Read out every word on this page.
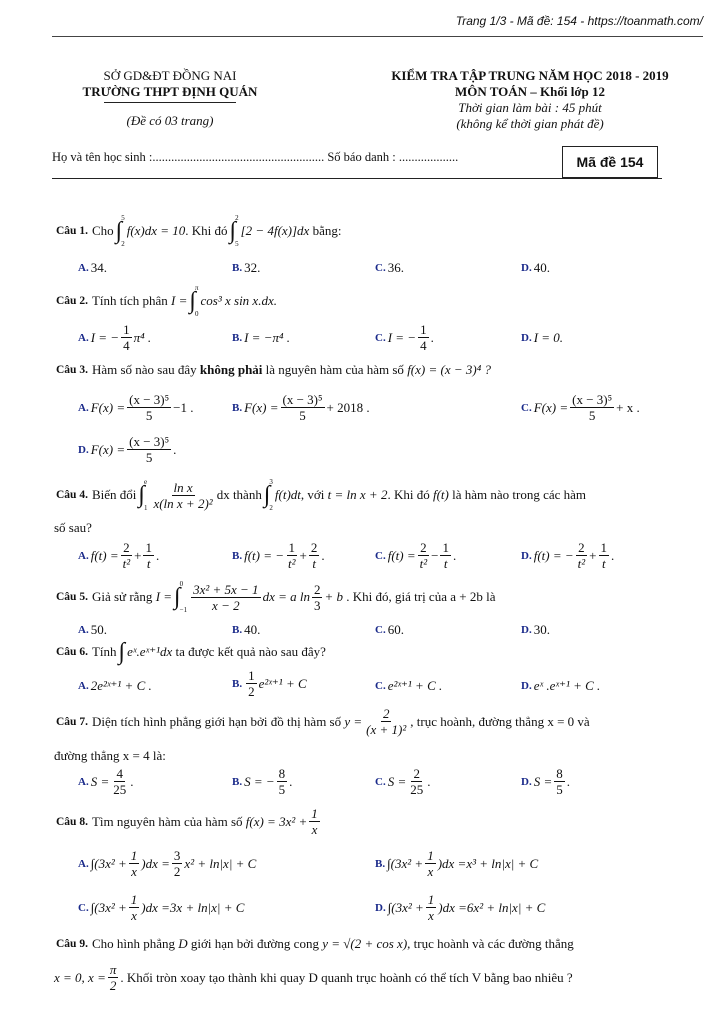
Trang 1/3 - Mã đề: 154 - https://toanmath.com/
SỞ GD&ĐT ĐỒNG NAI
TRƯỜNG THPT ĐỊNH QUÁN
(Đề có 03 trang)
KIỂM TRA TẬP TRUNG NĂM HỌC 2018 - 2019
MÔN TOÁN – Khối lớp 12
Thời gian làm bài : 45 phút
(không kể thời gian phát đề)
Họ và tên học sinh :....................................................... Số báo danh : ...................	Mã đề 154
Câu 1. Cho ∫ 5
2
f(x)dx = 10 . Khi đó ∫ 2
5
[2 − 4f(x)]dx
bằng:
A. 34.	B. 32.	C. 36.	D. 40.
Câu 2. Tính tích phân
I = ∫ π
0
cos³ x sin x.dx.
A. I = − $\frac{1}{4} \pi^4$ .	B. I = −π⁴ .	C. I = − $\frac{1}{4}$ .	D. I = 0.
Câu 3. Hàm số nào sau đây
không phải
là nguyên hàm của hàm số
f(x) = (x − 3)⁴ ?
A. $F(x) = \frac{\text{(x − 3)⁵}}{5} -1$ .	B. $F(x) = \frac{\text{(x − 3)⁵}}{5} + 2018$ .	C. $F(x) = \frac{\text{(x − 3)⁵}}{5} + x$ .
D. $F(x) = \frac{\text{(x − 3)⁵}}{5}$ .
Câu 4. Biến đổi ∫ e
$1 \frac{\text{ln x}}{\text{x(ln x + 2)²}}$ dx
thành ∫ 3
2
f(t)dt , với
t = ln x + 2 . Khi đó
f(t)
là hàm nào trong các hàm
số sau?
A. $f(t) = \frac{2}{\text{t²}} + \frac{1}{t}$ .	B. f(t) = − $\frac{1}{\text{t²}} + \frac{2}{t}$ .	C. $f(t) = \frac{2}{\text{t²}} - \frac{1}{t}$ .	D. f(t) = − $\frac{2}{\text{t²}} + \frac{1}{t}$ .
Câu 5. Giả sử rằng
I = ∫ 0
$-1 \frac{\text{3x² + 5x − 1}}{x - 2}$ dx = a $\ln \frac{2}{3} + b$
. Khi đó, giá trị của a + 2b là
A. 50.	B. 40.	C. 60.	D. 30.
Câu 6. Tính ∫ eˣ.eˣ⁺¹dx
ta được kết quả nào sau đây?
A. 2e²ˣ⁺¹ + C .	B. $\frac{1}{2}$ e²ˣ⁺¹ + C	C. e²ˣ⁺¹ + C .	D. eˣ .eˣ⁺¹ + C .
Câu 7. Diện tích hình phẳng giới hạn bởi đồ thị hàm số
$y = \frac{2}{\text{(x + 1)²}}$ , trục hoành, đường thẳng x = 0 và
đường thẳng x = 4 là:
A. $S = \frac{4}{25}$ .	B. S = − $\frac{8}{5}$ .	C. $S = \frac{2}{25}$ .	D. $S = \frac{8}{5}$ .
Câu 8. Tìm nguyên hàm của hàm số
$f(x) = 3x^2 + \frac{1}{x}$
A. $\int(3x^2 + \frac{1}{x} )dx = \frac{3}{2} x^2 + \ln|x| + C$	B. $\int(3x^2 + \frac{1}{x} )dx = x^3 + \ln|x| + C$
C. $\int(3x^2 + \frac{1}{x} )dx = 3x + \ln|x| + C$	D. $\int(3x^2 + \frac{1}{x} )dx = 6x^2 + \ln|x| + C$
Câu 9. Cho hình phẳng
D
giới hạn bởi đường cong
y = √(2 + cos x) , trục hoành và các đường thẳng
x = 0, $x = \frac{\pi}{2}$ . Khối tròn xoay tạo thành khi quay D quanh trục hoành có thể tích V bằng bao nhiêu ?
